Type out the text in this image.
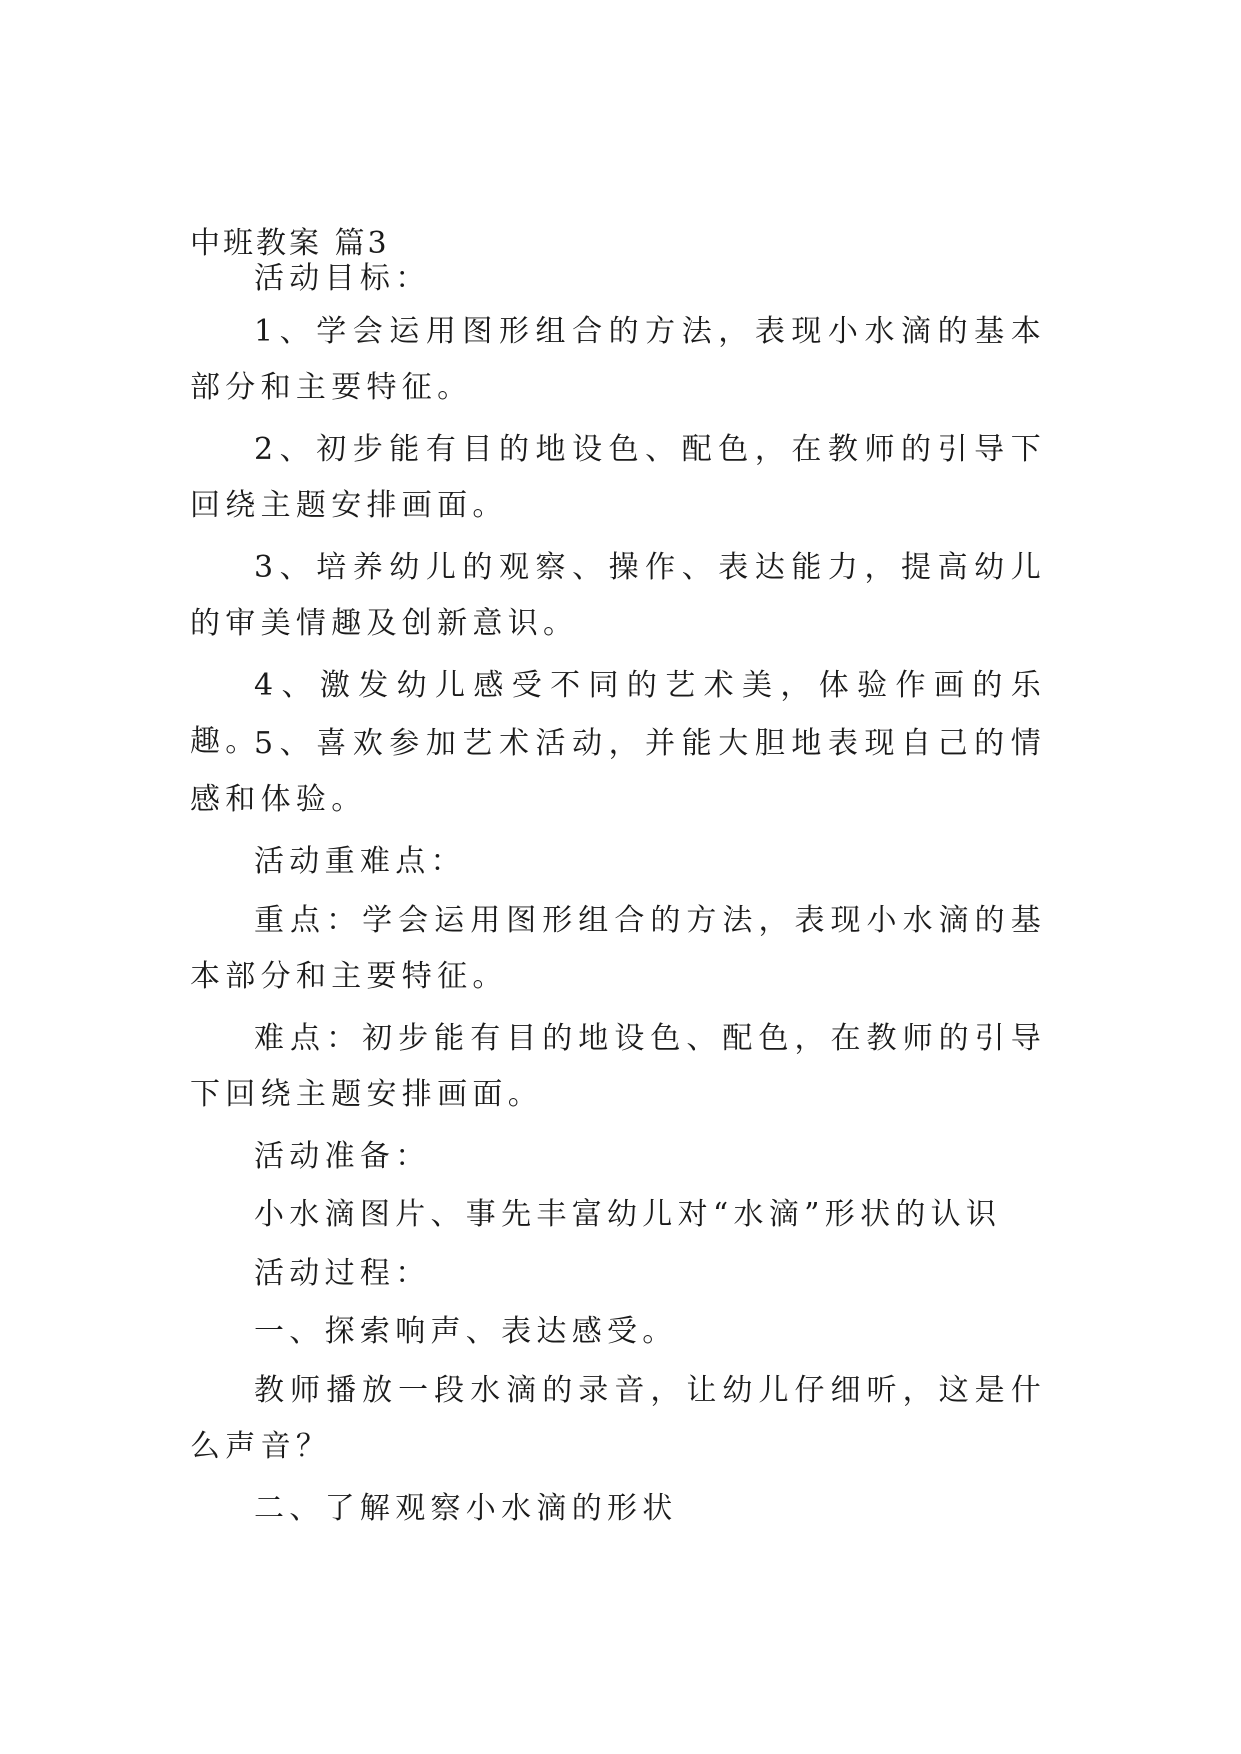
中班教案 篇3
活动目标：
1、学会运用图形组合的方法，表现小水滴的基本部分和主要特征。
2、初步能有目的地设色、配色，在教师的引导下回绕主题安排画面。
3、培养幼儿的观察、操作、表达能力，提高幼儿的审美情趣及创新意识。
4、激发幼儿感受不同的艺术美，体验作画的乐趣。
5、喜欢参加艺术活动，并能大胆地表现自己的情感和体验。
活动重难点：
重点：学会运用图形组合的方法，表现小水滴的基本部分和主要特征。
难点：初步能有目的地设色、配色，在教师的引导下回绕主题安排画面。
活动准备：
小水滴图片、事先丰富幼儿对“水滴”形状的认识
活动过程：
一、探索响声、表达感受。
教师播放一段水滴的录音，让幼儿仔细听，这是什么声音？
二、了解观察小水滴的形状
